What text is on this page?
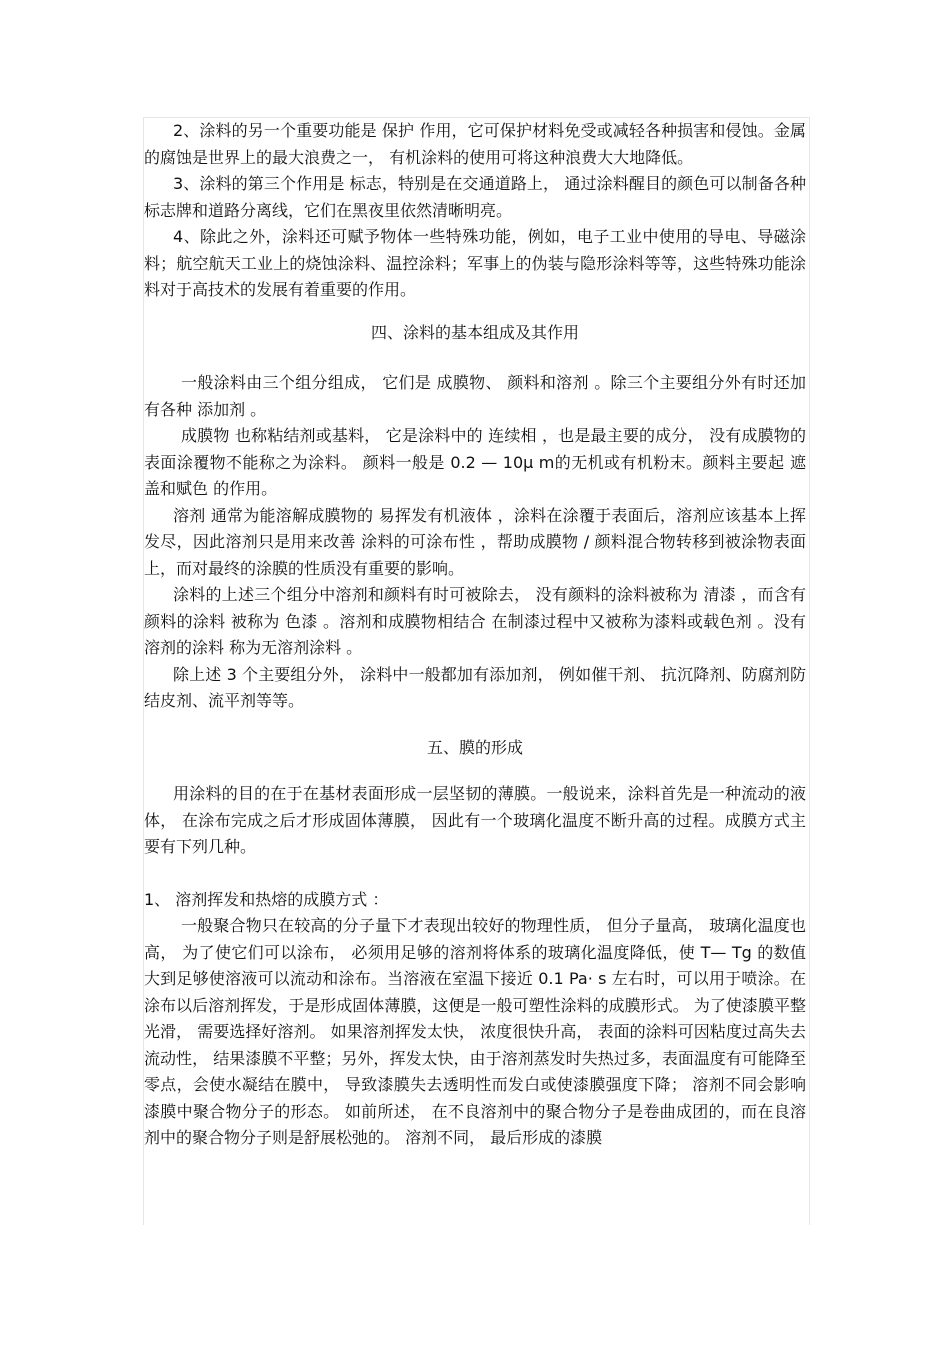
2、涂料的另一个重要功能是 保护 作用，它可保护材料免受或减轻各种损害和侵蚀。金属的腐蚀是世界上的最大浪费之一， 有机涂料的使用可将这种浪费大大地降低。

3、涂料的第三个作用是 标志，特别是在交通道路上， 通过涂料醒目的颜色可以制备各种标志牌和道路分离线，它们在黑夜里依然清晰明亮。

4、除此之外，涂料还可赋予物体一些特殊功能，例如，电子工业中使用的导电、导磁涂料；航空航天工业上的烧蚀涂料、温控涂料；军事上的伪装与隐形涂料等等，这些特殊功能涂料对于高技术的发展有着重要的作用。

四、涂料的基本组成及其作用

一般涂料由三个组分组成， 它们是 成膜物、 颜料和溶剂 。除三个主要组分外有时还加有各种 添加剂 。

成膜物 也称粘结剂或基料， 它是涂料中的 连续相 ，也是最主要的成分， 没有成膜物的表面涂覆物不能称之为涂料。 颜料一般是 0.2 — 10μ m的无机或有机粉末。颜料主要起 遮盖和赋色 的作用。

溶剂 通常为能溶解成膜物的 易挥发有机液体 ，涂料在涂覆于表面后，溶剂应该基本上挥发尽，因此溶剂只是用来改善 涂料的可涂布性 ，帮助成膜物 / 颜料混合物转移到被涂物表面上，而对最终的涂膜的性质没有重要的影响。

涂料的上述三个组分中溶剂和颜料有时可被除去， 没有颜料的涂料被称为 清漆 ，而含有颜料的涂料 被称为 色漆 。溶剂和成膜物相结合 在制漆过程中又被称为漆料或载色剂 。没有溶剂的涂料 称为无溶剂涂料 。

除上述 3 个主要组分外， 涂料中一般都加有添加剂， 例如催干剂、 抗沉降剂、防腐剂防结皮剂、流平剂等等。

五、膜的形成

用涂料的目的在于在基材表面形成一层坚韧的薄膜。一般说来，涂料首先是一种流动的液体， 在涂布完成之后才形成固体薄膜， 因此有一个玻璃化温度不断升高的过程。成膜方式主要有下列几种。

1、 溶剂挥发和热熔的成膜方式 ：

一般聚合物只在较高的分子量下才表现出较好的物理性质， 但分子量高， 玻璃化温度也高， 为了使它们可以涂布， 必须用足够的溶剂将体系的玻璃化温度降低，使 T— Tg 的数值大到足够使溶液可以流动和涂布。当溶液在室温下接近 0.1 Pa· s 左右时，可以用于喷涂。在涂布以后溶剂挥发，于是形成固体薄膜，这便是一般可塑性涂料的成膜形式。 为了使漆膜平整光滑， 需要选择好溶剂。 如果溶剂挥发太快， 浓度很快升高， 表面的涂料可因粘度过高失去流动性， 结果漆膜不平整；另外，挥发太快，由于溶剂蒸发时失热过多，表面温度有可能降至零点，会使水凝结在膜中， 导致漆膜失去透明性而发白或使漆膜强度下降； 溶剂不同会影响漆膜中聚合物分子的形态。 如前所述， 在不良溶剂中的聚合物分子是卷曲成团的，而在良溶剂中的聚合物分子则是舒展松弛的。 溶剂不同， 最后形成的漆膜
